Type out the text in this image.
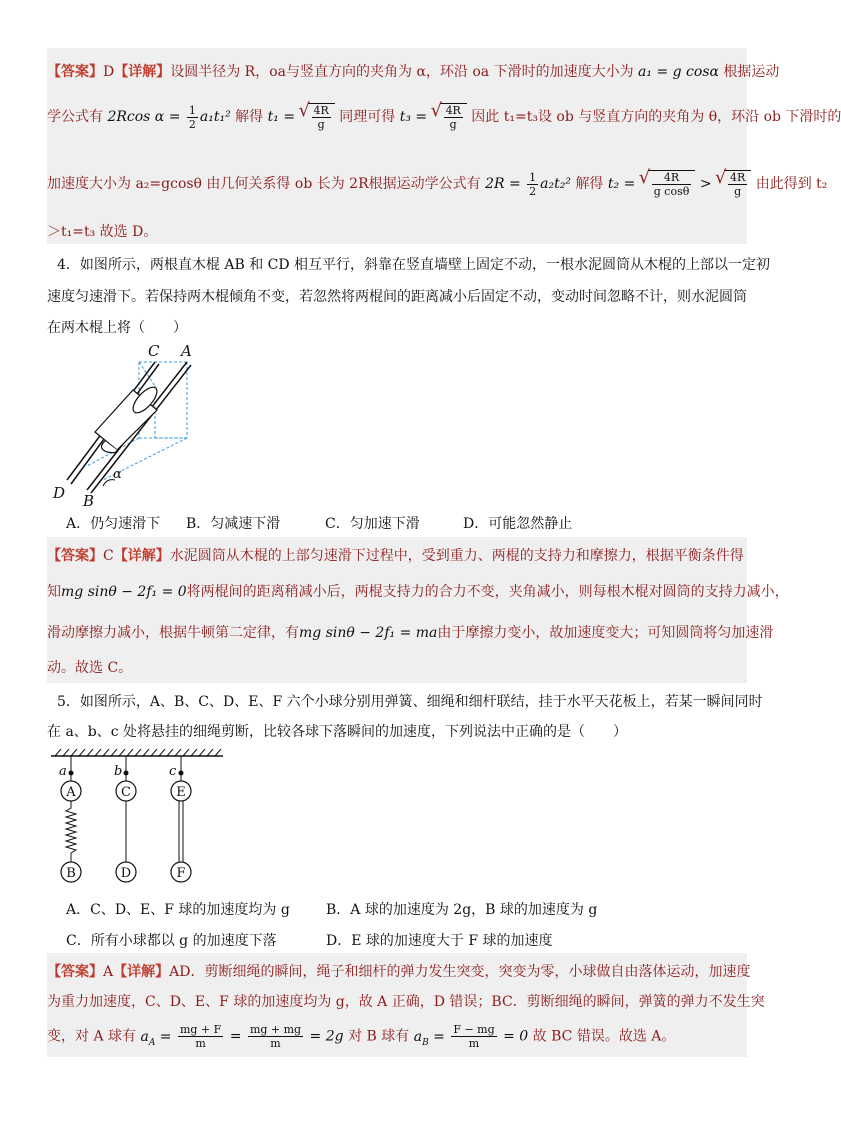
【答案】D【详解】设圆半径为 R，oa与竖直方向的夹角为 α，环沿 oa 下滑时的加速度大小为 a₁ = g cosα 根据运动
学公式有 2Rcos $\alpha = \frac{1}{2} a_1t_1^2$ 解得 t₁ = √ $\frac{4R}{g}$ 同理可得 t₃ = √ $\frac{4R}{g}$ 因此 t₁=t₃设 ob 与竖直方向的夹角为 θ，环沿 ob 下滑时的
加速度大小为 a₂=gcosθ 由几何关系得 ob 长为 2R根据运动学公式有 $2R = \frac{1}{2} a_2t_2^2$ 解得 t₂ = √ $\frac{4R}{\text{g cosθ}}$ > √ $\frac{4R}{g}$ 由此得到 t₂
＞t₁=t₃ 故选 D。
4．如图所示，两根直木棍 AB 和 CD 相互平行，斜靠在竖直墙壁上固定不动，一根水泥圆筒从木棍的上部以一定初
速度匀速滑下。若保持两木棍倾角不变，若忽然将两棍间的距离减小后固定不动，变动时间忽略不计，则水泥圆筒
在两木棍上将（　　）
C A
D B
α
A．仍匀速滑下 B．匀减速下滑	C．匀加速下滑	D．可能忽然静止
【答案】C【详解】水泥圆筒从木棍的上部匀速滑下过程中，受到重力、两棍的支持力和摩擦力，根据平衡条件得
知mg sinθ − 2f₁ = 0将两棍间的距离稍减小后，两棍支持力的合力不变，夹角减小，则每根木棍对圆筒的支持力减小，
滑动摩擦力减小，根据牛顿第二定律，有mg sinθ − 2f₁ = ma由于摩擦力变小，故加速度变大；可知圆筒将匀加速滑
动。故选 C。
5．如图所示，A、B、C、D、E、F 六个小球分别用弹簧、细绳和细杆联结，挂于水平天花板上，若某一瞬间同时
在 a、b、c 处将悬挂的细绳剪断，比较各球下落瞬间的加速度，下列说法中正确的是（　　）
a	b	c
A	C	E
B	D	F
A．C、D、E、F 球的加速度均为 g	B．A 球的加速度为 2g，B 球的加速度为 g
C．所有小球都以 g 的加速度下落	D．E 球的加速度大于 F 球的加速度
【答案】A【详解】AD．剪断细绳的瞬间，绳子和细杆的弹力发生突变，突变为零，小球做自由落体运动，加速度
为重力加速度，C、D、E、F 球的加速度均为 g，故 A 正确，D 错误；BC．剪断细绳的瞬间，弹簧的弹力不发生突
变，对 A 球有 $a_A = \frac{mg + F}{m} = \frac{mg + mg}{m} = 2g$ 对 B 球有 $a_B = \frac{F - mg}{m} = 0$ 故 BC 错误。故选 A。
